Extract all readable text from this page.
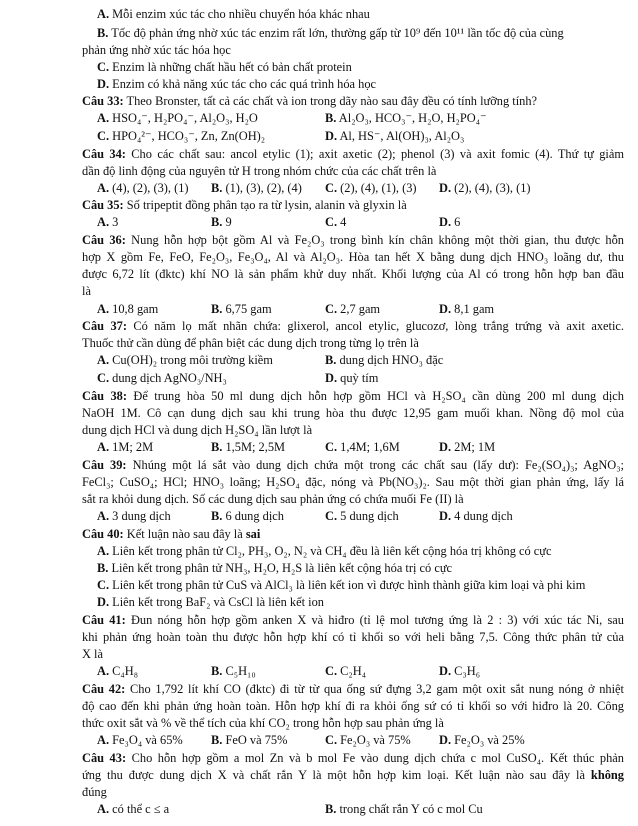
A. Mỗi enzim xúc tác cho nhiều chuyển hóa khác nhau
B. Tốc độ phản ứng nhờ xúc tác enzim rất lớn, thường gấp từ 10⁹ đến 10¹¹ lần tốc độ của cùng
phản ứng nhờ xúc tác hóa học
C. Enzim là những chất hầu hết có bản chất protein
D. Enzim có khả năng xúc tác cho các quá trình hóa học
Câu 33: Theo Bronster, tất cả các chất và ion trong dãy nào sau đây đều có tính lưỡng tính?
A. HSO₄⁻, H₂PO₄⁻, Al₂O₃, H₂O	B. Al₂O₃, HCO₃⁻, H₂O, H₂PO₄⁻
C. HPO₄²⁻, HCO₃⁻, Zn, Zn(OH)₂	D. Al, HS⁻, Al(OH)₃, Al₂O₃
Câu 34: Cho các chất sau: ancol etylic (1); axit axetic (2); phenol (3) và axit fomic (4). Thứ tự giảm
dần độ linh động của nguyên tử H trong nhóm chức của các chất trên là
A. (4), (2), (3), (1) B. (1), (3), (2), (4) C. (2), (4), (1), (3) D. (2), (4), (3), (1)
Câu 35: Số tripeptit đồng phân tạo ra từ lysin, alanin và glyxin là
A. 3	B. 9	C. 4	D. 6
Câu 36: Nung hỗn hợp bột gồm Al và Fe₂O₃ trong bình kín chân không một thời gian, thu được hỗn
hợp X gồm Fe, FeO, Fe₂O₃, Fe₃O₄, Al và Al₂O₃. Hòa tan hết X bằng dung dịch HNO₃ loãng dư, thu
được 6,72 lít (đktc) khí NO là sản phẩm khử duy nhất. Khối lượng của Al có trong hỗn hợp ban đầu
là
A. 10,8 gam	B. 6,75 gam	C. 2,7 gam	D. 8,1 gam
Câu 37: Có năm lọ mất nhãn chứa: glixerol, ancol etylic, glucozơ, lòng trắng trứng và axit axetic.
Thuốc thử cần dùng để phân biệt các dung dịch trong từng lọ trên là
A. Cu(OH)₂ trong môi trường kiềm	B. dung dịch HNO₃ đặc
C. dung dịch AgNO₃/NH₃	D. quỳ tím
Câu 38: Để trung hòa 50 ml dung dịch hỗn hợp gồm HCl và H₂SO₄ cần dùng 200 ml dung dịch
NaOH 1M. Cô cạn dung dịch sau khi trung hòa thu được 12,95 gam muối khan. Nồng độ mol của
dung dịch HCl và dung dịch H₂SO₄ lần lượt là
A. 1M; 2M	B. 1,5M; 2,5M	C. 1,4M; 1,6M	D. 2M; 1M
Câu 39: Nhúng một lá sắt vào dung dịch chứa một trong các chất sau (lấy dư): Fe₂(SO₄)₃; AgNO₃;
FeCl₃; CuSO₄; HCl; HNO₃ loãng; H₂SO₄ đặc, nóng và Pb(NO₃)₂. Sau một thời gian phản ứng, lấy lá
sắt ra khỏi dung dịch. Số các dung dịch sau phản ứng có chứa muối Fe (II) là
A. 3 dung dịch	B. 6 dung dịch	C. 5 dung dịch	D. 4 dung dịch
Câu 40: Kết luận nào sau đây là sai
A. Liên kết trong phân tử Cl₂, PH₃, O₂, N₂ và CH₄ đều là liên kết cộng hóa trị không có cực
B. Liên kết trong phân tử NH₃, H₂O, H₂S là liên kết cộng hóa trị có cực
C. Liên kết trong phân tử CuS và AlCl₃ là liên kết ion vì được hình thành giữa kim loại và phi kim
D. Liên kết trong BaF₂ và CsCl là liên kết ion
Câu 41: Đun nóng hỗn hợp gồm anken X và hiđro (tỉ lệ mol tương ứng là 2 : 3) với xúc tác Ni, sau
khi phản ứng hoàn toàn thu được hỗn hợp khí có tỉ khối so với heli bằng 7,5. Công thức phân tử của
X là
A. C₄H₈	B. C₅H₁₀	C. C₂H₄	D. C₃H₆
Câu 42: Cho 1,792 lít khí CO (đktc) đi từ từ qua ống sứ đựng 3,2 gam một oxit sắt nung nóng ở nhiệt
độ cao đến khi phản ứng hoàn toàn. Hỗn hợp khí đi ra khỏi ống sứ có tỉ khối so với hiđro là 20. Công
thức oxit sắt và % về thể tích của khí CO₂ trong hỗn hợp sau phản ứng là
A. Fe₃O₄ và 65% B. FeO và 75%	C. Fe₂O₃ và 75% D. Fe₂O₃ và 25%
Câu 43: Cho hỗn hợp gồm a mol Zn và b mol Fe vào dung dịch chứa c mol CuSO₄. Kết thúc phản
ứng thu được dung dịch X và chất rắn Y là một hỗn hợp kim loại. Kết luận nào sau đây là không
đúng
A. có thể c ≤ a	B. trong chất rắn Y có c mol Cu
